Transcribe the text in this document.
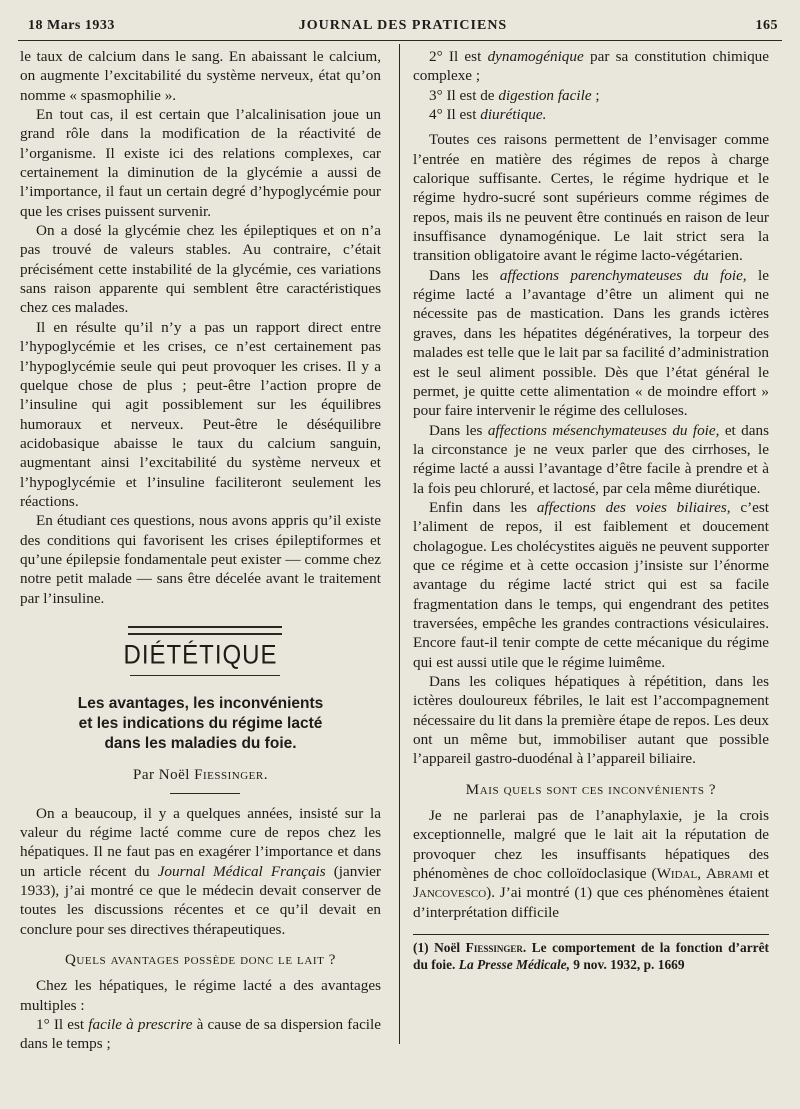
18 Mars 1933	JOURNAL DES PRATICIENS	165

le taux de calcium dans le sang. En abaissant le calcium, on augmente l’excitabilité du système nerveux, état qu’on nomme « spasmophilie ».

En tout cas, il est certain que l’alcalinisation joue un grand rôle dans la modification de la réactivité de l’organisme. Il existe ici des relations complexes, car certainement la diminution de la glycémie a aussi de l’importance, il faut un certain degré d’hypoglycémie pour que les crises puissent survenir.

On a dosé la glycémie chez les épileptiques et on n’a pas trouvé de valeurs stables. Au contraire, c’était précisément cette instabilité de la glycémie, ces variations sans raison apparente qui semblent être caractéristiques chez ces malades.

Il en résulte qu’il n’y a pas un rapport direct entre l’hypoglycémie et les crises, ce n’est certainement pas l’hypoglycémie seule qui peut provoquer les crises. Il y a quelque chose de plus ; peut-être l’action propre de l’insuline qui agit possiblement sur les équilibres humoraux et nerveux. Peut-être le déséquilibre acidobasique abaisse le taux du calcium sanguin, augmentant ainsi l’excitabilité du système nerveux et l’hypoglycémie et l’insuline faciliteront seulement les réactions.

En étudiant ces questions, nous avons appris qu’il existe des conditions qui favorisent les crises épileptiformes et qu’une épilepsie fondamentale peut exister — comme chez notre petit malade — sans être décelée avant le traitement par l’insuline.

DIÉTÉTIQUE
Les avantages, les inconvénients
et les indications du régime lacté
dans les maladies du foie.
Par Noël Fiessinger.

On a beaucoup, il y a quelques années, insisté sur la valeur du régime lacté comme cure de repos chez les hépatiques. Il ne faut pas en exagérer l’importance et dans un article récent du Journal Médical Français (janvier 1933), j’ai montré ce que le médecin devait conserver de toutes les discussions récentes et ce qu’il devait en conclure pour ses directives thérapeutiques.

Quels avantages possède donc le lait ?

Chez les hépatiques, le régime lacté a des avantages multiples :

1° Il est facile à prescrire à cause de sa dispersion facile dans le temps ;

2° Il est dynamogénique par sa constitution chimique complexe ;

3° Il est de digestion facile ;

4° Il est diurétique.

Toutes ces raisons permettent de l’envisager comme l’entrée en matière des régimes de repos à charge calorique suffisante. Certes, le régime hydrique et le régime hydro-sucré sont supérieurs comme régimes de repos, mais ils ne peuvent être continués en raison de leur insuffisance dynamogénique. Le lait strict sera la transition obligatoire avant le régime lacto-végétarien.

Dans les affections parenchymateuses du foie, le régime lacté a l’avantage d’être un aliment qui ne nécessite pas de mastication. Dans les grands ictères graves, dans les hépatites dégénératives, la torpeur des malades est telle que le lait par sa facilité d’administration est le seul aliment possible. Dès que l’état général le permet, je quitte cette alimentation « de moindre effort » pour faire intervenir le régime des celluloses.

Dans les affections mésenchymateuses du foie, et dans la circonstance je ne veux parler que des cirrhoses, le régime lacté a aussi l’avantage d’être facile à prendre et à la fois peu chloruré, et lactosé, par cela même diurétique.

Enfin dans les affections des voies biliaires, c’est l’aliment de repos, il est faiblement et doucement cholagogue. Les cholécystites aiguës ne peuvent supporter que ce régime et à cette occasion j’insiste sur l’énorme avantage du régime lacté strict qui est sa facile fragmentation dans le temps, qui engendrant des petites traversées, empêche les grandes contractions vésiculaires. Encore faut-il tenir compte de cette mécanique du régime qui est aussi utile que le régime luimême.

Dans les coliques hépatiques à répétition, dans les ictères douloureux fébriles, le lait est l’accompagnement nécessaire du lit dans la première étape de repos. Les deux ont un même but, immobiliser autant que possible l’appareil gastro-duodénal à l’appareil biliaire.

Mais quels sont ces inconvénients ?

Je ne parlerai pas de l’anaphylaxie, je la crois exceptionnelle, malgré que le lait ait la réputation de provoquer chez les insuffisants hépatiques des phénomènes de choc colloïdoclasique (Widal, Abrami et Jancovesco). J’ai montré (1) que ces phénomènes étaient d’interprétation difficile

(1) Noël Fiessinger. Le comportement de la fonction d’arrêt du foie. La Presse Médicale, 9 nov. 1932, p. 1669
